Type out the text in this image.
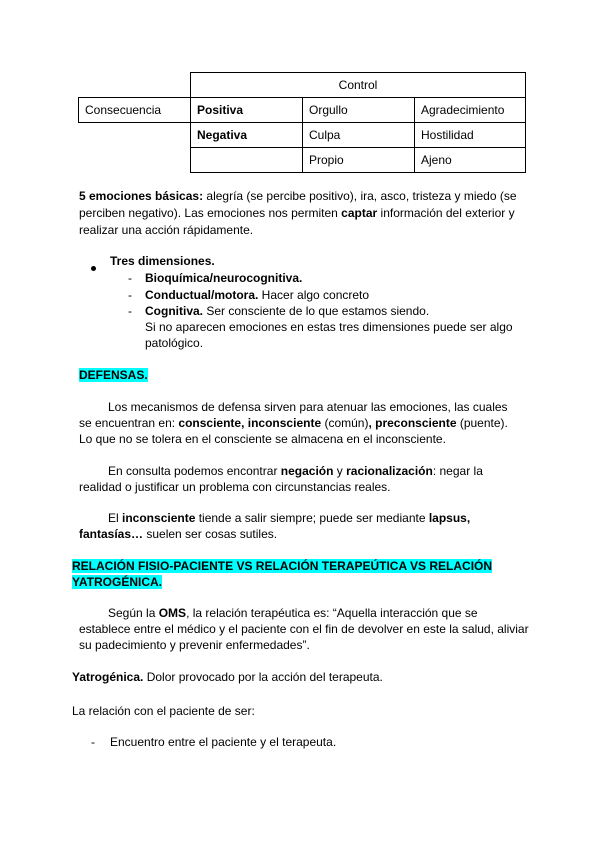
	Control		
Consecuencia	Positiva	Orgullo	Agradecimiento
	Negativa	Culpa	Hostilidad
		Propio	Ajeno
5 emociones básicas: alegría (se percibe positivo), ira, asco, tristeza y miedo (se
perciben negativo). Las emociones nos permiten captar información del exterior y
realizar una acción rápidamente.
Tres dimensiones.
- Bioquímica/neurocognitiva.
- Conductual/motora. Hacer algo concreto
- Cognitiva. Ser consciente de lo que estamos siendo.
Si no aparecen emociones en estas tres dimensiones puede ser algo
patológico.
DEFENSAS.
Los mecanismos de defensa sirven para atenuar las emociones, las cuales
se encuentran en: consciente, inconsciente (común), preconsciente (puente).
Lo que no se tolera en el consciente se almacena en el inconsciente.
En consulta podemos encontrar negación y racionalización: negar la
realidad o justificar un problema con circunstancias reales.
El inconsciente tiende a salir siempre; puede ser mediante lapsus,
fantasías… suelen ser cosas sutiles.
RELACIÓN FISIO-PACIENTE VS RELACIÓN TERAPEÚTICA VS RELACIÓN
YATROGÉNICA.
Según la OMS, la relación terapéutica es: “Aquella interacción que se
establece entre el médico y el paciente con el fin de devolver en este la salud, aliviar
su padecimiento y prevenir enfermedades”.
Yatrogénica. Dolor provocado por la acción del terapeuta.
La relación con el paciente de ser:
- Encuentro entre el paciente y el terapeuta.
